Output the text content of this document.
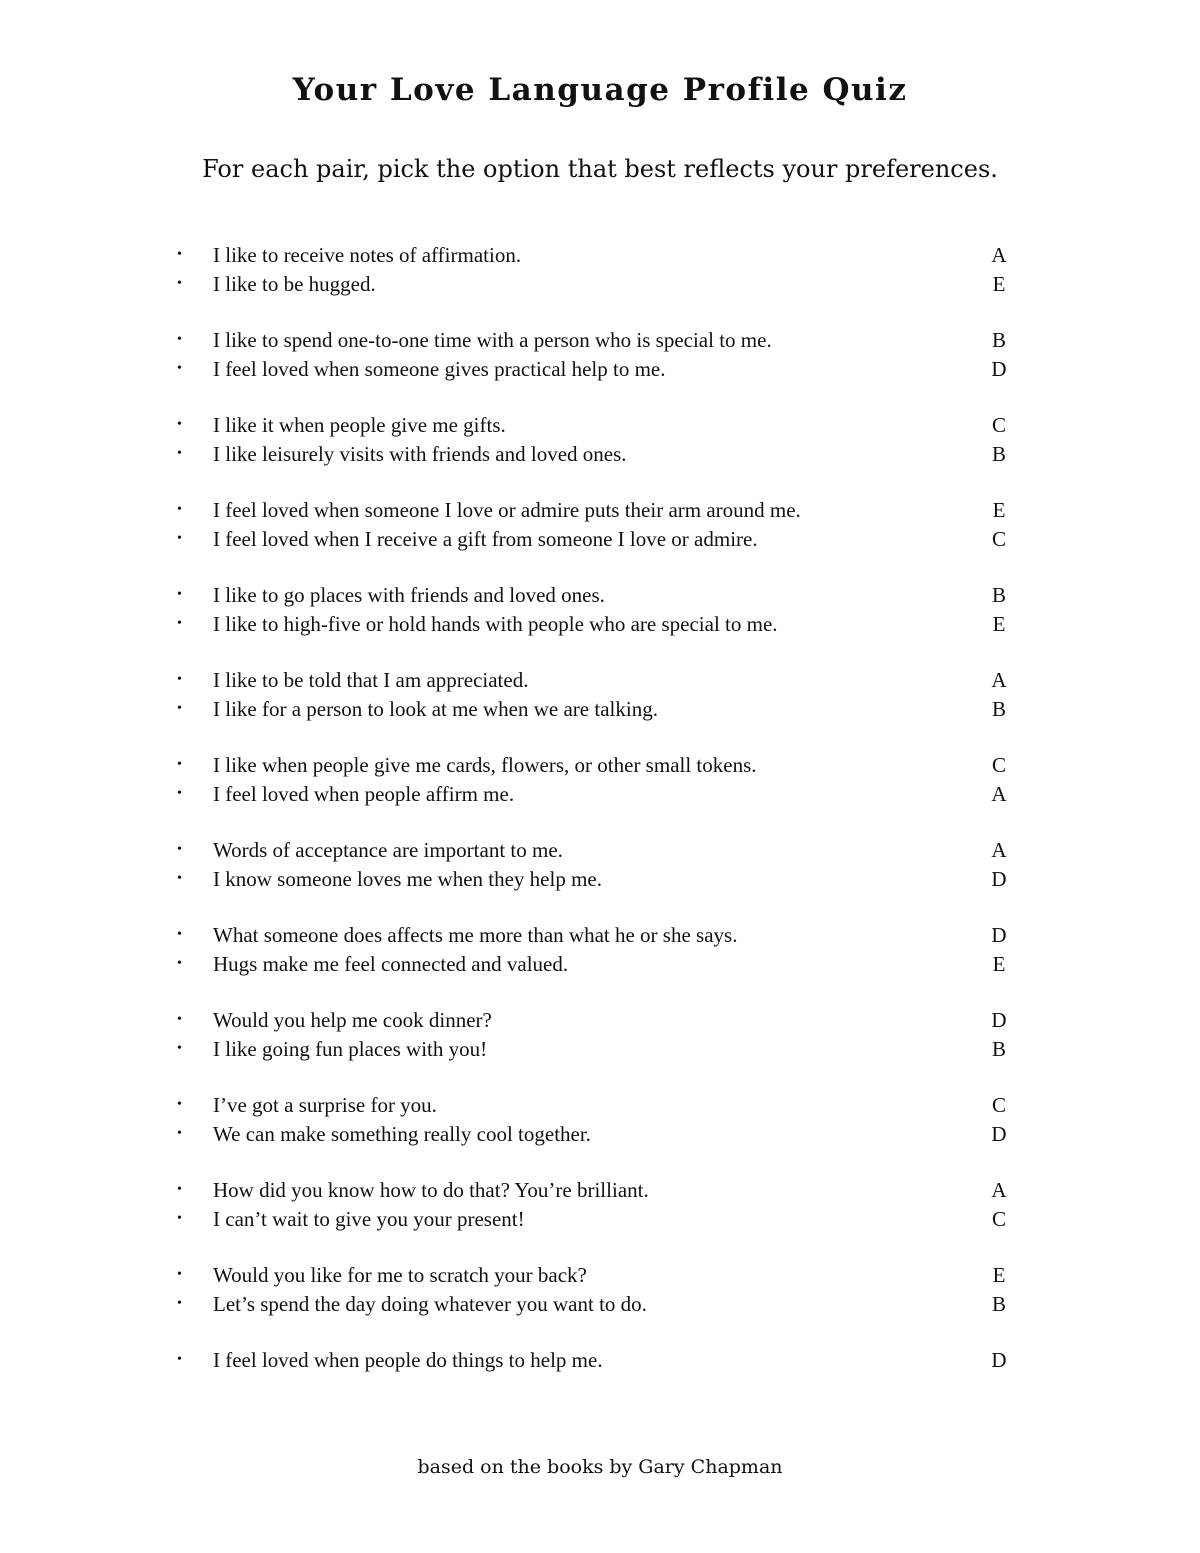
Your Love Language Profile Quiz

For each pair, pick the option that best reflects your preferences.

• I like to receive notes of affirmation.	A
• I like to be hugged.	E
• I like to spend one-to-one time with a person who is special to me.	B
• I feel loved when someone gives practical help to me.	D
• I like it when people give me gifts.	C
• I like leisurely visits with friends and loved ones.	B
• I feel loved when someone I love or admire puts their arm around me.	E
• I feel loved when I receive a gift from someone I love or admire.	C
• I like to go places with friends and loved ones.	B
• I like to high-five or hold hands with people who are special to me.	E
• I like to be told that I am appreciated.	A
• I like for a person to look at me when we are talking.	B
• I like when people give me cards, flowers, or other small tokens.	C
• I feel loved when people affirm me.	A
• Words of acceptance are important to me.	A
• I know someone loves me when they help me.	D
• What someone does affects me more than what he or she says.	D
• Hugs make me feel connected and valued.	E
• Would you help me cook dinner?	D
• I like going fun places with you!	B
• I’ve got a surprise for you.	C
• We can make something really cool together.	D
• How did you know how to do that? You’re brilliant.	A
• I can’t wait to give you your present!	C
• Would you like for me to scratch your back?	E
• Let’s spend the day doing whatever you want to do.	B
• I feel loved when people do things to help me.	D

based on the books by Gary Chapman
